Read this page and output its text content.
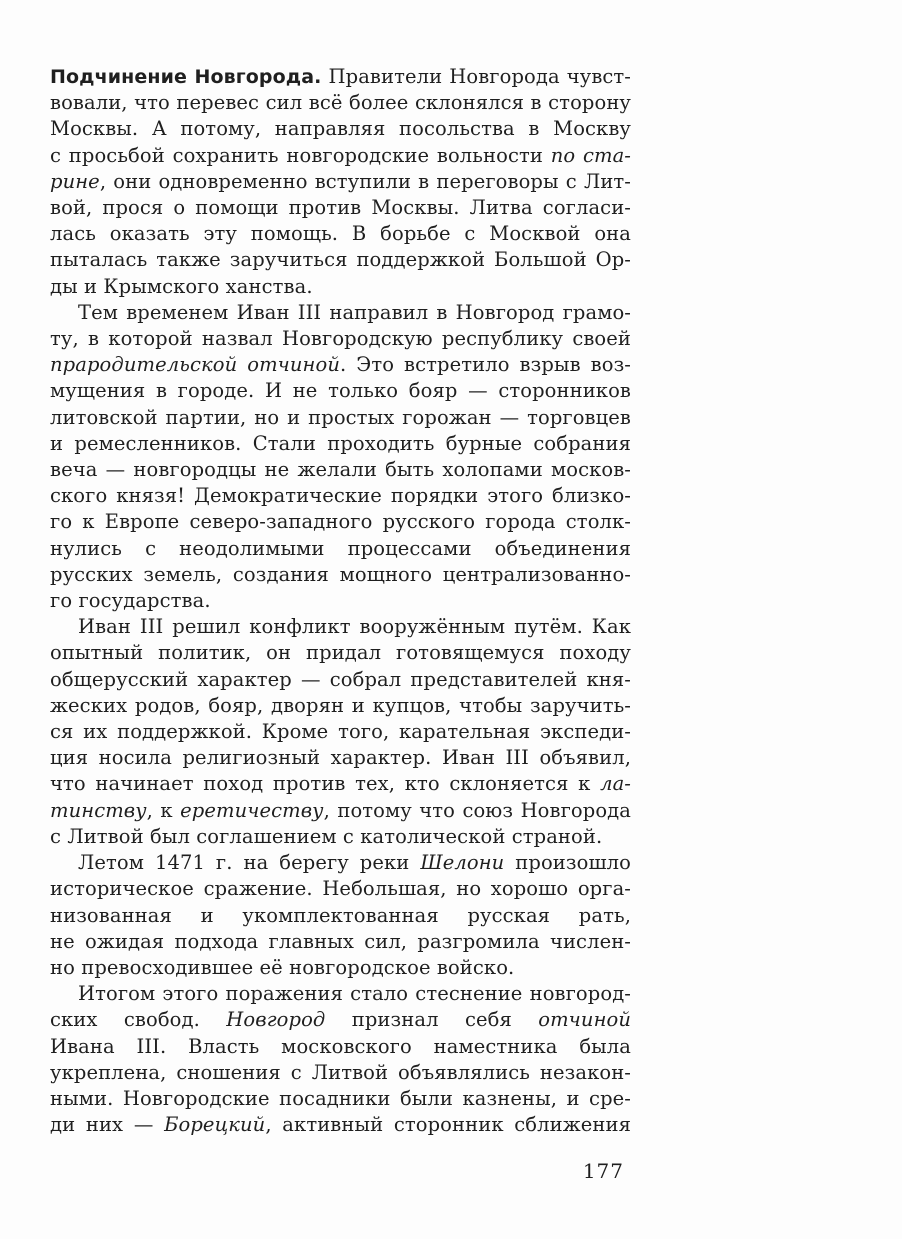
Подчинение Новгорода. Правители Новгорода чувст-
вовали, что перевес сил всё более склонялся в сторону
Москвы. А потому, направляя посольства в Москву
с просьбой сохранить новгородские вольности по ста-
рине, они одновременно вступили в переговоры с Лит-
вой, прося о помощи против Москвы. Литва согласи-
лась оказать эту помощь. В борьбе с Москвой она
пыталась также заручиться поддержкой Большой Ор-
ды и Крымского ханства.
Тем временем Иван III направил в Новгород грамо-
ту, в которой назвал Новгородскую республику своей
прародительской отчиной. Это встретило взрыв воз-
мущения в городе. И не только бояр — сторонников
литовской партии, но и простых горожан — торговцев
и ремесленников. Стали проходить бурные собрания
веча — новгородцы не желали быть холопами москов-
ского князя! Демократические порядки этого близко-
го к Европе северо-западного русского города столк-
нулись с неодолимыми процессами объединения
русских земель, создания мощного централизованно-
го государства.
Иван III решил конфликт вооружённым путём. Как
опытный политик, он придал готовящемуся походу
общерусский характер — собрал представителей кня-
жеских родов, бояр, дворян и купцов, чтобы заручить-
ся их поддержкой. Кроме того, карательная экспеди-
ция носила религиозный характер. Иван III объявил,
что начинает поход против тех, кто склоняется к ла-
тинству, к еретичеству, потому что союз Новгорода
с Литвой был соглашением с католической страной.
Летом 1471 г. на берегу реки Шелони произошло
историческое сражение. Небольшая, но хорошо орга-
низованная и укомплектованная русская рать,
не ожидая подхода главных сил, разгромила числен-
но превосходившее её новгородское войско.
Итогом этого поражения стало стеснение новгород-
ских свобод. Новгород признал себя отчиной
Ивана III. Власть московского наместника была
укреплена, сношения с Литвой объявлялись незакон-
ными. Новгородские посадники были казнены, и сре-
ди них — Борецкий, активный сторонник сближения
177
